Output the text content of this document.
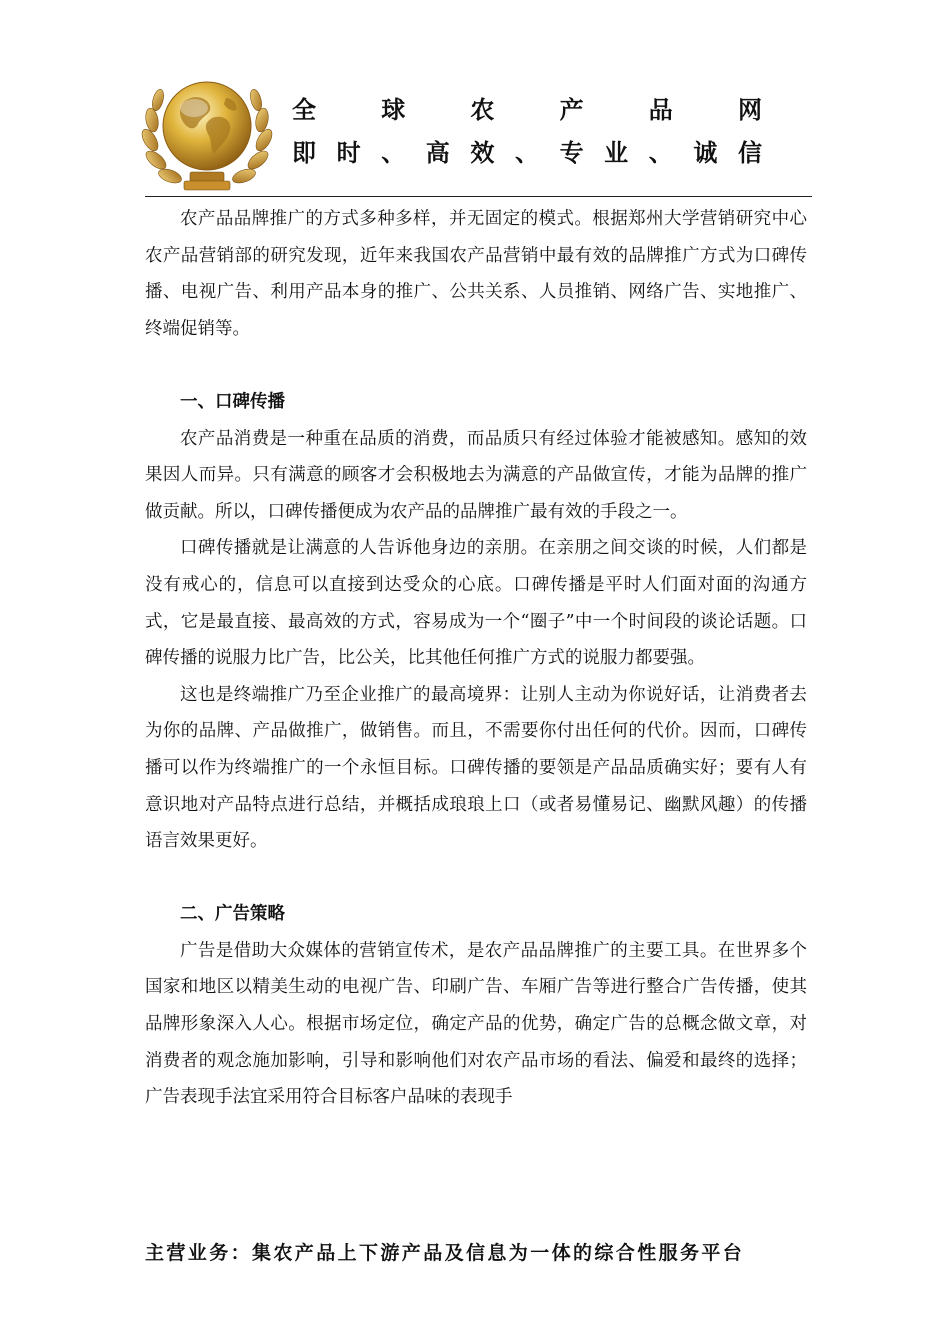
全	球	农	产	品	网
即 时 、 高 效 、 专 业 、 诚 信

农产品品牌推广的方式多种多样，并无固定的模式。根据郑州大学营销研究中心农产品营销部的研究发现，近年来我国农产品营销中最有效的品牌推广方式为口碑传播、电视广告、利用产品本身的推广、公共关系、人员推销、网络广告、实地推广、终端促销等。

一、口碑传播

农产品消费是一种重在品质的消费，而品质只有经过体验才能被感知。感知的效果因人而异。只有满意的顾客才会积极地去为满意的产品做宣传，才能为品牌的推广做贡献。所以，口碑传播便成为农产品的品牌推广最有效的手段之一。

口碑传播就是让满意的人告诉他身边的亲朋。在亲朋之间交谈的时候，人们都是没有戒心的，信息可以直接到达受众的心底。口碑传播是平时人们面对面的沟通方式，它是最直接、最高效的方式，容易成为一个“圈子”中一个时间段的谈论话题。口碑传播的说服力比广告，比公关，比其他任何推广方式的说服力都要强。

这也是终端推广乃至企业推广的最高境界：让别人主动为你说好话，让消费者去为你的品牌、产品做推广，做销售。而且，不需要你付出任何的代价。因而，口碑传播可以作为终端推广的一个永恒目标。口碑传播的要领是产品品质确实好；要有人有意识地对产品特点进行总结，并概括成琅琅上口（或者易懂易记、幽默风趣）的传播语言效果更好。

二、广告策略

广告是借助大众媒体的营销宣传术，是农产品品牌推广的主要工具。在世界多个国家和地区以精美生动的电视广告、印刷广告、车厢广告等进行整合广告传播，使其品牌形象深入人心。根据市场定位，确定产品的优势，确定广告的总概念做文章，对消费者的观念施加影响，引导和影响他们对农产品市场的看法、偏爱和最终的选择；广告表现手法宜采用符合目标客户品味的表现手

主营业务：集农产品上下游产品及信息为一体的综合性服务平台
